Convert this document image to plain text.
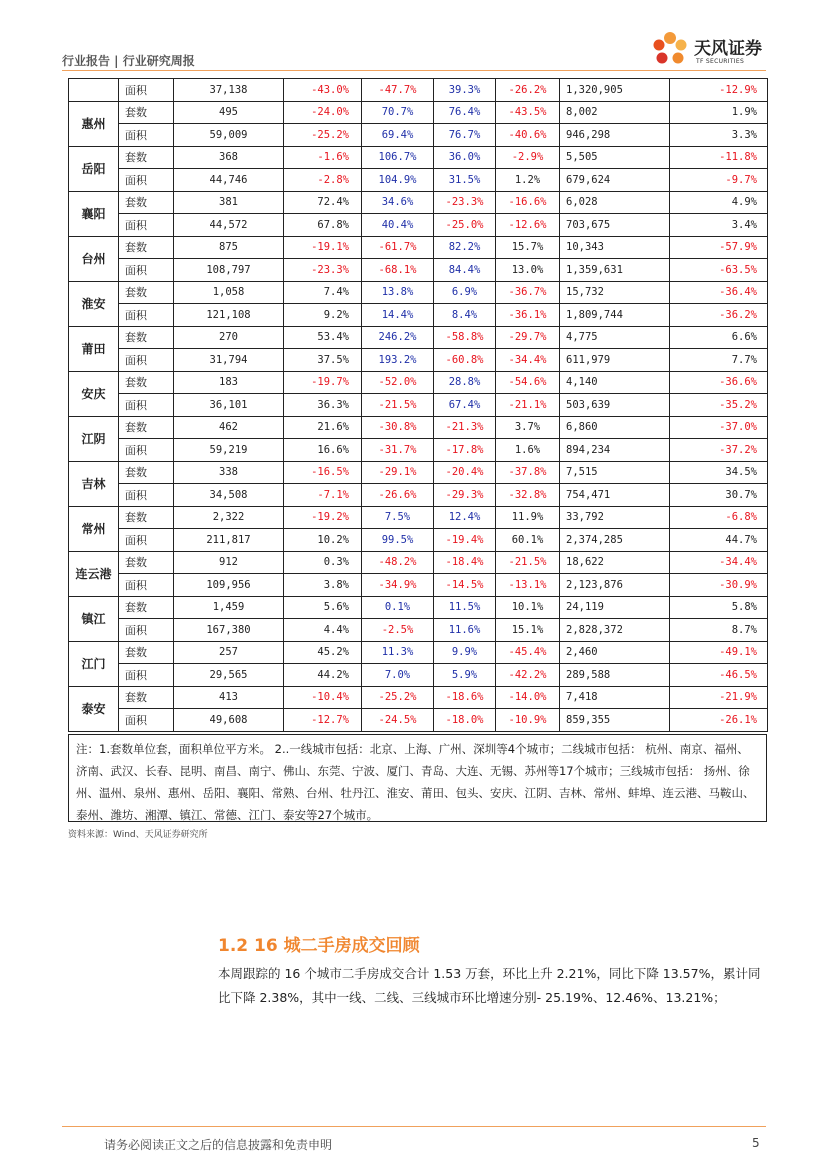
行业报告 | 行业研究周报
天风证券
TF SECURITIES
	面积	37,138	-43.0%	-47.7%	39.3%	-26.2%	1,320,905	-12.9%
惠州	套数	495	-24.0%	70.7%	76.4%	-43.5%	8,002	1.9%
	面积	59,009	-25.2%	69.4%	76.7%	-40.6%	946,298	3.3%
岳阳	套数	368	-1.6%	106.7%	36.0%	-2.9%	5,505	-11.8%
	面积	44,746	-2.8%	104.9%	31.5%	1.2%	679,624	-9.7%
襄阳	套数	381	72.4%	34.6%	-23.3%	-16.6%	6,028	4.9%
	面积	44,572	67.8%	40.4%	-25.0%	-12.6%	703,675	3.4%
台州	套数	875	-19.1%	-61.7%	82.2%	15.7%	10,343	-57.9%
	面积	108,797	-23.3%	-68.1%	84.4%	13.0%	1,359,631	-63.5%
淮安	套数	1,058	7.4%	13.8%	6.9%	-36.7%	15,732	-36.4%
	面积	121,108	9.2%	14.4%	8.4%	-36.1%	1,809,744	-36.2%
莆田	套数	270	53.4%	246.2%	-58.8%	-29.7%	4,775	6.6%
	面积	31,794	37.5%	193.2%	-60.8%	-34.4%	611,979	7.7%
安庆	套数	183	-19.7%	-52.0%	28.8%	-54.6%	4,140	-36.6%
	面积	36,101	36.3%	-21.5%	67.4%	-21.1%	503,639	-35.2%
江阴	套数	462	21.6%	-30.8%	-21.3%	3.7%	6,860	-37.0%
	面积	59,219	16.6%	-31.7%	-17.8%	1.6%	894,234	-37.2%
吉林	套数	338	-16.5%	-29.1%	-20.4%	-37.8%	7,515	34.5%
	面积	34,508	-7.1%	-26.6%	-29.3%	-32.8%	754,471	30.7%
常州	套数	2,322	-19.2%	7.5%	12.4%	11.9%	33,792	-6.8%
	面积	211,817	10.2%	99.5%	-19.4%	60.1%	2,374,285	44.7%
连云港	套数	912	0.3%	-48.2%	-18.4%	-21.5%	18,622	-34.4%
	面积	109,956	3.8%	-34.9%	-14.5%	-13.1%	2,123,876	-30.9%
镇江	套数	1,459	5.6%	0.1%	11.5%	10.1%	24,119	5.8%
	面积	167,380	4.4%	-2.5%	11.6%	15.1%	2,828,372	8.7%
江门	套数	257	45.2%	11.3%	9.9%	-45.4%	2,460	-49.1%
	面积	29,565	44.2%	7.0%	5.9%	-42.2%	289,588	-46.5%
泰安	套数	413	-10.4%	-25.2%	-18.6%	-14.0%	7,418	-21.9%
	面积	49,608	-12.7%	-24.5%	-18.0%	-10.9%	859,355	-26.1%
注：1.套数单位套，面积单位平方米。 2..一线城市包括：北京、上海、广州、深圳等4个城市；二线城市包括： 杭州、南京、福州、济南、武汉、长春、昆明、南昌、南宁、佛山、东莞、宁波、厦门、青岛、大连、无锡、苏州等17个城市；三线城市包括： 扬州、徐州、温州、泉州、惠州、岳阳、襄阳、常熟、台州、牡丹江、淮安、莆田、包头、安庆、江阴、吉林、常州、蚌埠、连云港、马鞍山、泰州、潍坊、湘潭、镇江、常德、江门、泰安等27个城市。
资料来源：Wind、天风证券研究所
1.2 16 城二手房成交回顾
本周跟踪的 16 个城市二手房成交合计 1.53 万套，环比上升 2.21%，同比下降 13.57%，累计同比下降 2.38%，其中一线、二线、三线城市环比增速分别- 25.19%、12.46%、13.21%；
请务必阅读正文之后的信息披露和免责申明	5
